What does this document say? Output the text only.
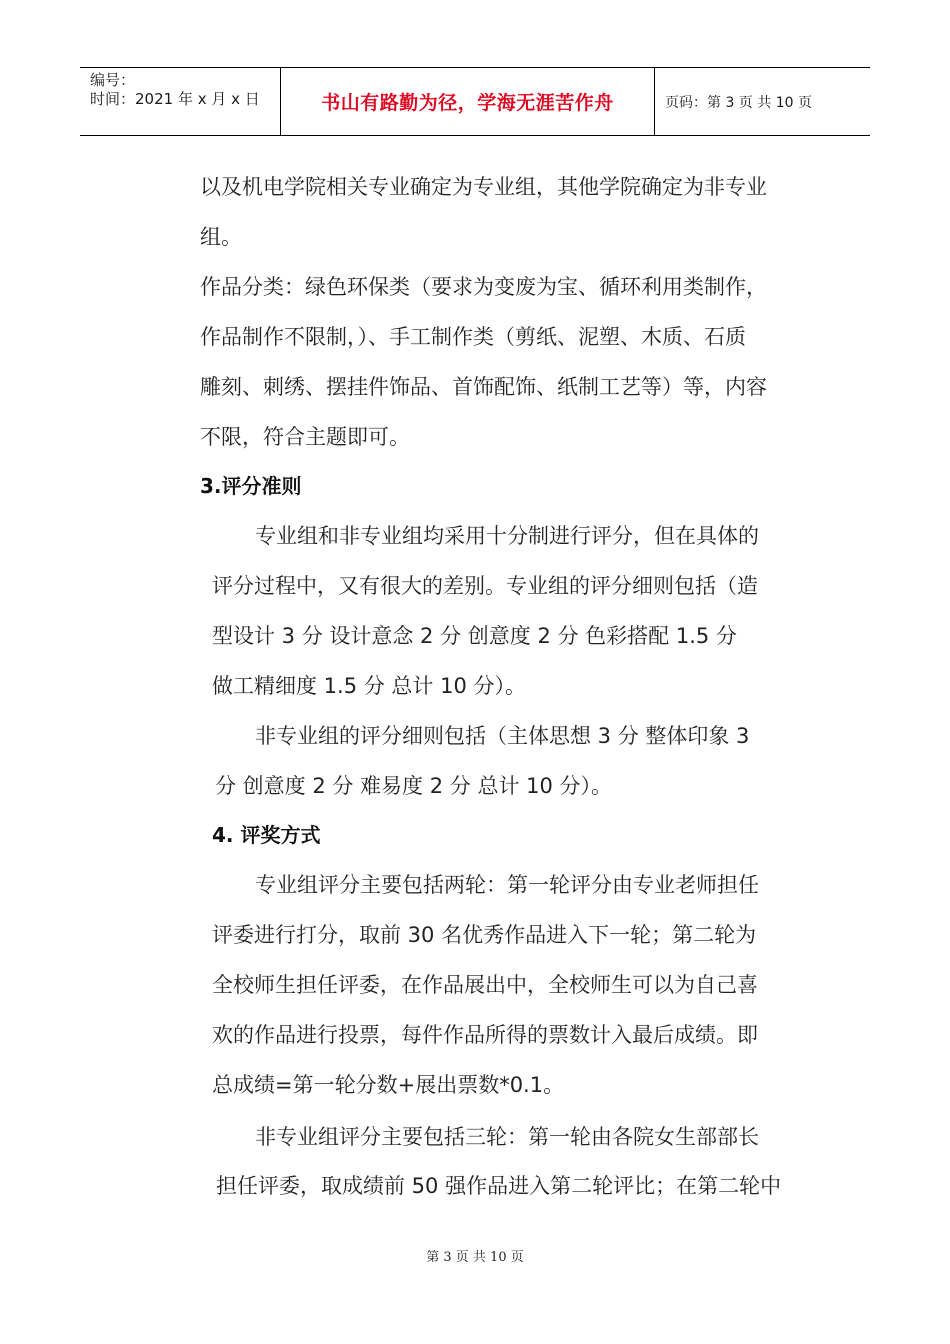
编号：
时间：2021 年 x 月 x 日	书山有路勤为径，学海无涯苦作舟	页码：第 3 页 共 10 页
以及机电学院相关专业确定为专业组，其他学院确定为非专业
组。
作品分类：绿色环保类（要求为变废为宝、循环利用类制作，
作品制作不限制，）、手工制作类（剪纸、泥塑、木质、石质
雕刻、刺绣、摆挂件饰品、首饰配饰、纸制工艺等）等，内容
不限，符合主题即可。
3.评分准则
专业组和非专业组均采用十分制进行评分，但在具体的
评分过程中，又有很大的差别。专业组的评分细则包括（造
型设计 3 分 设计意念 2 分 创意度 2 分 色彩搭配 1.5 分
做工精细度 1.5 分 总计 10 分）。
非专业组的评分细则包括（主体思想 3 分 整体印象 3
分 创意度 2 分 难易度 2 分 总计 10 分）。
4. 评奖方式
专业组评分主要包括两轮：第一轮评分由专业老师担任
评委进行打分，取前 30 名优秀作品进入下一轮；第二轮为
全校师生担任评委，在作品展出中，全校师生可以为自己喜
欢的作品进行投票，每件作品所得的票数计入最后成绩。即
总成绩=第一轮分数+展出票数*0.1。
非专业组评分主要包括三轮：第一轮由各院女生部部长
担任评委，取成绩前 50 强作品进入第二轮评比；在第二轮中
第 3 页 共 10 页
